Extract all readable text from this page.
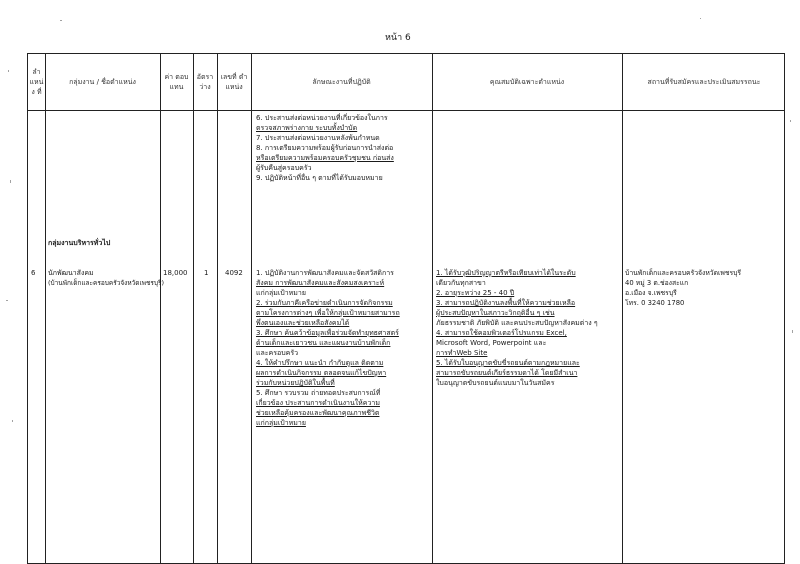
หน้า 6
ลำ แหน่ง ที่
กลุ่มงาน / ชื่อตำแหน่ง
ค่า ตอบ แทน
อัตรา ว่าง
เลขที่ ตำ แหน่ง
ลักษณะงานที่ปฏิบัติ	คุณสมบัติเฉพาะตำแหน่ง	สถานที่รับสมัครและประเมินสมรรถนะ
6
กลุ่มงานบริหารทั่วไป
นักพัฒนาสังคม
(บ้านพักเด็กและครอบครัวจังหวัดเพชรบุรี)
18,000 1 4092
6. ประสานส่งต่อหน่วยงานที่เกี่ยวข้องในการ
ตรวจสภาพร่างกาย ระบบทั้งบำบัด
7. ประสานส่งต่อหน่วยงานหลังพ้นกำหนด
8. การเตรียมความพร้อมผู้รับก่อนการนำส่งต่อ
หรือเตรียมความพร้อมครอบครัวชุมชน ก่อนส่ง
ผู้รับคืนสู่ครอบครัว
9. ปฏิบัติหน้าที่อื่น ๆ ตามที่ได้รับมอบหมาย
1. ปฏิบัติงานการพัฒนาสังคมและจัดสวัสดิการ
สังคม การพัฒนาสังคมและสังคมสงเคราะห์
แก่กลุ่มเป้าหมาย
2. ร่วมกับภาคีเครือข่ายดำเนินการจัดกิจกรรม
ตามโครงการต่างๆ เพื่อให้กลุ่มเป้าหมายสามารถ
พึ่งตนเองและช่วยเหลือสังคมได้
3. ศึกษา ค้นคว้าข้อมูลเพื่อร่วมจัดทำยุทธศาสตร์
ด้านเด็กและเยาวชน และแผนงานบ้านพักเด็ก
และครอบครัว
4. ให้คำปรึกษา แนะนำ กำกับดูแล ติดตาม
ผลการดำเนินกิจกรรม ตลอดจนแก้ไขปัญหา
ร่วมกับหน่วยปฏิบัติในพื้นที่
5. ศึกษา รวบรวม ถ่ายทอดประสบการณ์ที่
เกี่ยวข้อง ประสานการดำเนินงานให้ความ
ช่วยเหลือคุ้มครองและพัฒนาคุณภาพชีวิต
แก่กลุ่มเป้าหมาย
1. ได้รับวุฒิปริญญาตรีหรือเทียบเท่าได้ในระดับ
เดียวกันทุกสาขา
2. อายุระหว่าง 25 - 40 ปี
3. สามารถปฏิบัติงานลงพื้นที่ให้ความช่วยเหลือ
ผู้ประสบปัญหาในสภาวะวิกฤติอื่น ๆ เช่น
ภัยธรรมชาติ ภัยพิบัติ และคนประสบปัญหาสังคมต่าง ๆ
4. สามารถใช้คอมพิวเตอร์โปรแกรม Excel,
Microsoft Word, Powerpoint และ
การทำWeb Site
5. ได้รับใบอนุญาตขับขี่รถยนต์ตามกฎหมายและ
สามารถขับรถยนต์เกียร์ธรรมดาได้ โดยมีสำเนา
ใบอนุญาตขับรถยนต์แนบมาในวันสมัคร
บ้านพักเด็กและครอบครัวจังหวัดเพชรบุรี
40 หมู่ 3 ต.ช่องสะแก
อ.เมือง จ.เพชรบุรี
โทร. 0 3240 1780
